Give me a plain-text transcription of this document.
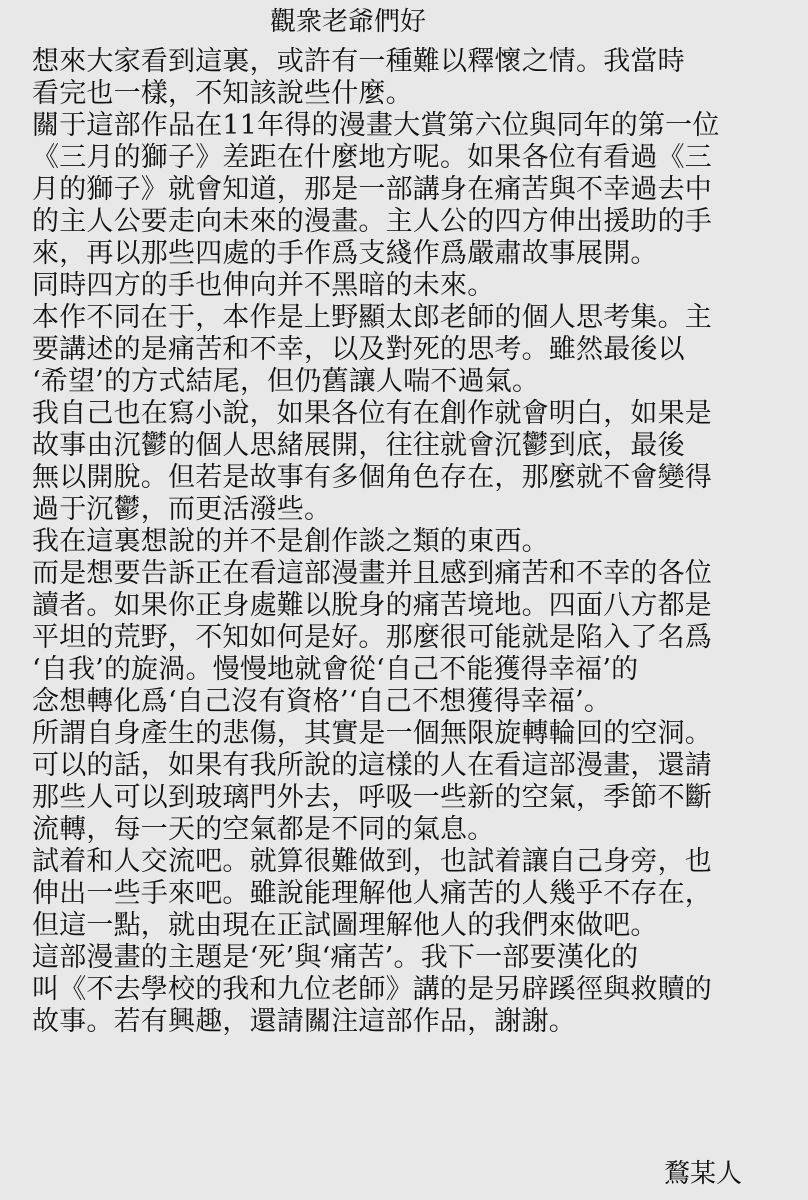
觀衆老爺們好
想來大家看到這裏，或許有一種難以釋懷之情。我當時
看完也一樣，不知該說些什麼。
關于這部作品在11年得的漫畫大賞第六位與同年的第一位
《三月的獅子》差距在什麼地方呢。如果各位有看過《三
月的獅子》就會知道，那是一部講身在痛苦與不幸過去中
的主人公要走向未來的漫畫。主人公的四方伸出援助的手
來，再以那些四處的手作爲支綫作爲嚴肅故事展開。
同時四方的手也伸向并不黑暗的未來。
本作不同在于，本作是上野顯太郎老師的個人思考集。主
要講述的是痛苦和不幸，以及對死的思考。雖然最後以
‘希望’的方式結尾，但仍舊讓人喘不過氣。
我自己也在寫小說，如果各位有在創作就會明白，如果是
故事由沉鬱的個人思緒展開，往往就會沉鬱到底，最後
無以開脫。但若是故事有多個角色存在，那麼就不會變得
過于沉鬱，而更活潑些。
我在這裏想說的并不是創作談之類的東西。
而是想要告訴正在看這部漫畫并且感到痛苦和不幸的各位
讀者。如果你正身處難以脫身的痛苦境地。四面八方都是
平坦的荒野，不知如何是好。那麼很可能就是陷入了名爲
‘自我’的旋渦。慢慢地就會從‘自己不能獲得幸福’的
念想轉化爲‘自己沒有資格’‘自己不想獲得幸福’。
所謂自身產生的悲傷，其實是一個無限旋轉輪回的空洞。
可以的話，如果有我所說的這樣的人在看這部漫畫，還請
那些人可以到玻璃門外去，呼吸一些新的空氣，季節不斷
流轉，每一天的空氣都是不同的氣息。
試着和人交流吧。就算很難做到，也試着讓自己身旁，也
伸出一些手來吧。雖說能理解他人痛苦的人幾乎不存在，
但這一點，就由現在正試圖理解他人的我們來做吧。
這部漫畫的主題是‘死’與‘痛苦’。我下一部要漢化的
叫《不去學校的我和九位老師》講的是另辟蹊徑與救贖的
故事。若有興趣，還請關注這部作品，謝謝。
鶩某人
